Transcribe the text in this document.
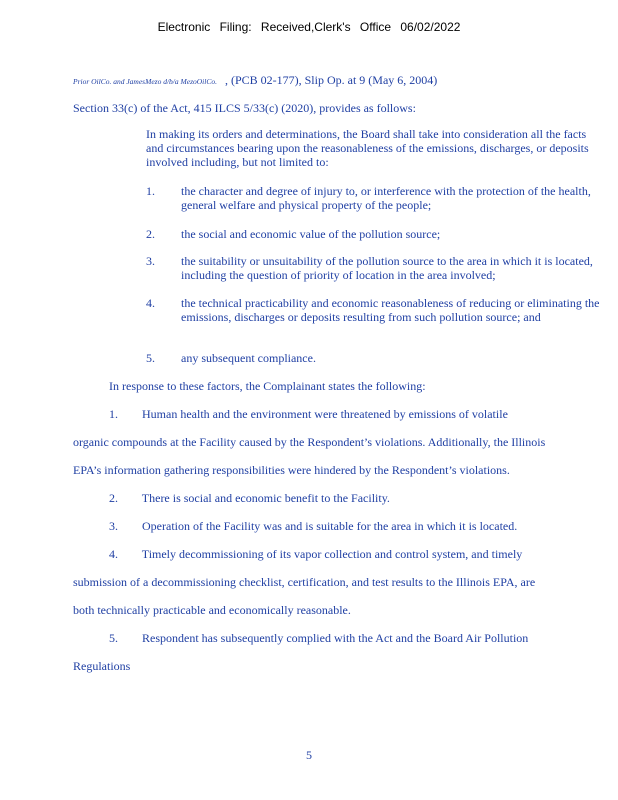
Electronic Filing: Received,Clerk's Office 06/02/2022
Prior OilCo. and JamesMezo d/b/a MezoOilCo. , (PCB 02-177), Slip Op. at 9 (May 6, 2004)
Section 33(c) of the Act, 415 ILCS 5/33(c) (2020), provides as follows:
In making its orders and determinations, the Board shall take into consideration all the facts and circumstances bearing upon the reasonableness of the emissions, discharges, or deposits involved including, but not limited to:
1. the character and degree of injury to, or interference with the protection of the health, general welfare and physical property of the people;
2. the social and economic value of the pollution source;
3. the suitability or unsuitability of the pollution source to the area in which it is located, including the question of priority of location in the area involved;
4. the technical practicability and economic reasonableness of reducing or eliminating the emissions, discharges or deposits resulting from such pollution source; and
5. any subsequent compliance.
In response to these factors, the Complainant states the following:
1.        Human health and the environment were threatened by emissions of volatile
organic compounds at the Facility caused by the Respondent’s violations. Additionally, the Illinois
EPA’s information gathering responsibilities were hindered by the Respondent’s violations.
2.        There is social and economic benefit to the Facility.
3.        Operation of the Facility was and is suitable for the area in which it is located.
4.        Timely decommissioning of its vapor collection and control system, and timely
submission of a decommissioning checklist, certification, and test results to the Illinois EPA, are
both technically practicable and economically reasonable.
5.        Respondent has subsequently complied with the Act and the Board Air Pollution
Regulations
5
